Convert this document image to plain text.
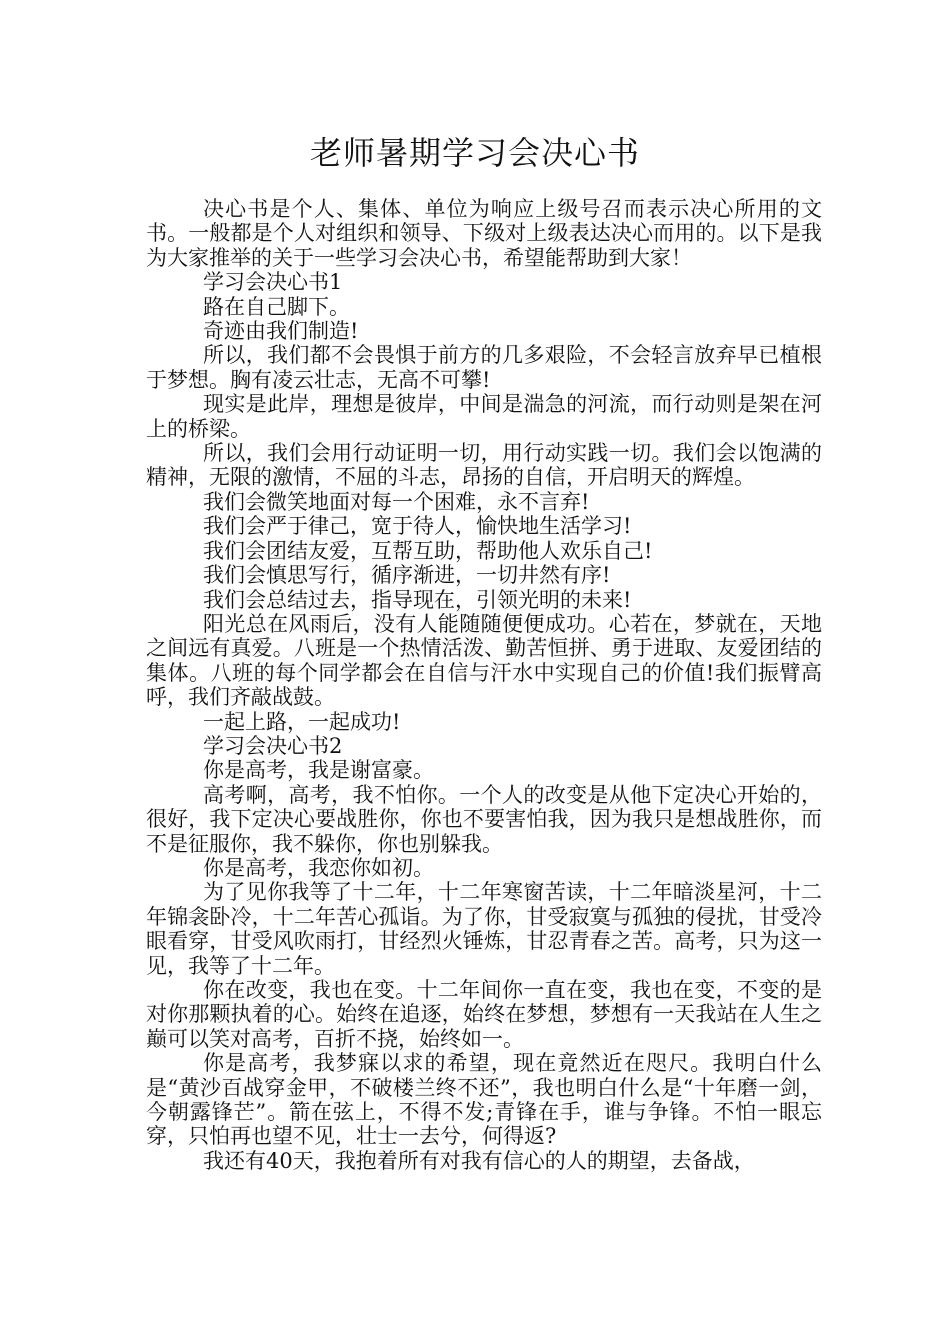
老师暑期学习会决心书

决心书是个人、集体、单位为响应上级号召而表示决心所用的文书。一般都是个人对组织和领导、下级对上级表达决心而用的。以下是我为大家推举的关于一些学习会决心书，希望能帮助到大家！

学习会决心书1

路在自己脚下。

奇迹由我们制造!

所以，我们都不会畏惧于前方的几多艰险，不会轻言放弃早已植根于梦想。胸有凌云壮志，无高不可攀!

现实是此岸，理想是彼岸，中间是湍急的河流，而行动则是架在河上的桥梁。

所以，我们会用行动证明一切，用行动实践一切。我们会以饱满的精神，无限的激情，不屈的斗志，昂扬的自信，开启明天的辉煌。

我们会微笑地面对每一个困难，永不言弃!

我们会严于律己，宽于待人，愉快地生活学习!

我们会团结友爱，互帮互助，帮助他人欢乐自己!

我们会慎思写行，循序渐进，一切井然有序!

我们会总结过去，指导现在，引领光明的未来!

阳光总在风雨后，没有人能随随便便成功。心若在，梦就在，天地之间远有真爱。八班是一个热情活泼、勤苦恒拼、勇于进取、友爱团结的集体。八班的每个同学都会在自信与汗水中实现自己的价值!我们振臂高呼，我们齐敲战鼓。

一起上路，一起成功!

学习会决心书2

你是高考，我是谢富豪。

高考啊，高考，我不怕你。一个人的改变是从他下定决心开始的，很好，我下定决心要战胜你，你也不要害怕我，因为我只是想战胜你，而不是征服你，我不躲你，你也别躲我。

你是高考，我恋你如初。

为了见你我等了十二年，十二年寒窗苦读，十二年暗淡星河，十二年锦衾卧冷，十二年苦心孤诣。为了你，甘受寂寞与孤独的侵扰，甘受冷眼看穿，甘受风吹雨打，甘经烈火锤炼，甘忍青春之苦。高考，只为这一见，我等了十二年。

你在改变，我也在变。十二年间你一直在变，我也在变，不变的是对你那颗执着的心。始终在追逐，始终在梦想，梦想有一天我站在人生之巅可以笑对高考，百折不挠，始终如一。

你是高考，我梦寐以求的希望，现在竟然近在咫尺。我明白什么是“黄沙百战穿金甲，不破楼兰终不还”，我也明白什么是“十年磨一剑，今朝露锋芒”。箭在弦上，不得不发;青锋在手，谁与争锋。不怕一眼忘穿，只怕再也望不见，壮士一去兮，何得返?

我还有40天，我抱着所有对我有信心的人的期望，去备战，
